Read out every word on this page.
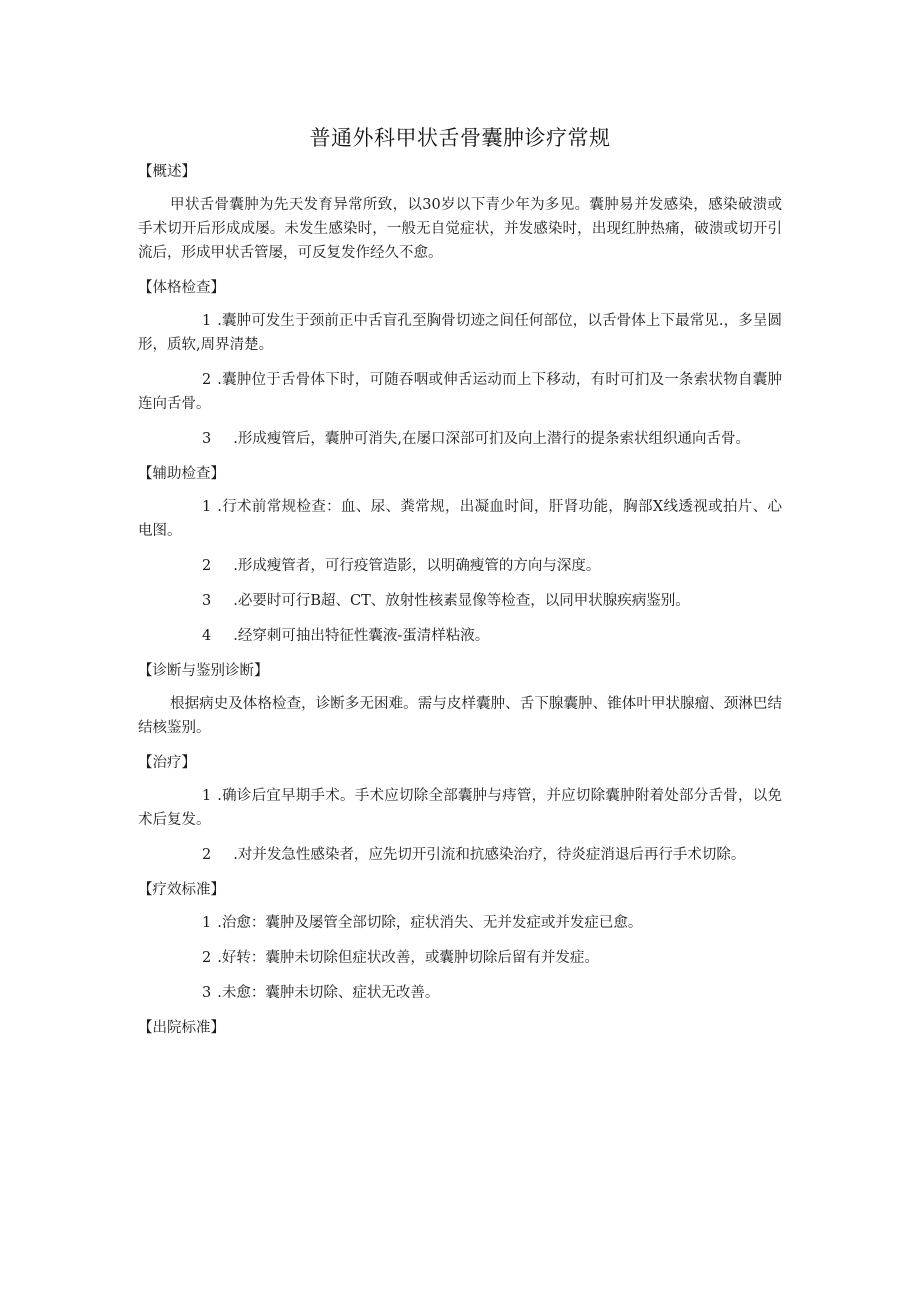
普通外科甲状舌骨囊肿诊疗常规
【概述】
甲状舌骨囊肿为先天发育异常所致，以30岁以下青少年为多见。囊肿易并发感染，感染破溃或手术切开后形成成屡。未发生感染时，一般无自觉症状，并发感染时，出现红肿热痛，破溃或切开引流后，形成甲状舌管屡，可反复发作经久不愈。
【体格检查】
1 .囊肿可发生于颈前正中舌盲孔至胸骨切迹之间任何部位，以舌骨体上下最常见.，多呈圆形，质软,周界清楚。
2 .囊肿位于舌骨体下时，可随吞咽或伸舌运动而上下移动，有时可扪及一条索状物自囊肿连向舌骨。
3 .形成瘦管后，囊肿可消失,在屡口深部可扪及向上潜行的提条索状组织通向舌骨。
【辅助检查】
1 .行术前常规检查：血、尿、粪常规，出凝血时间，肝肾功能，胸部X线透视或拍片、心电图。
2 .形成瘦管者，可行疫管造影，以明确瘦管的方向与深度。
3 .必要时可行B超、CT、放射性核素显像等检查，以同甲状腺疾病鉴别。
4 .经穿刺可抽出特征性囊液-蛋清样粘液。
【诊断与鉴别诊断】
根据病史及体格检查，诊断多无困难。需与皮样囊肿、舌下腺囊肿、锥体叶甲状腺瘤、颈淋巴结结核鉴别。
【治疗】
1 .确诊后宜早期手术。手术应切除全部囊肿与痔管，并应切除囊肿附着处部分舌骨，以免术后复发。
2 .对并发急性感染者，应先切开引流和抗感染治疗，待炎症消退后再行手术切除。
【疗效标准】
1 .治愈：囊肿及屡管全部切除，症状消失、无并发症或并发症已愈。
2 .好转：囊肿未切除但症状改善，或囊肿切除后留有并发症。
3 .未愈：囊肿未切除、症状无改善。
【出院标准】
